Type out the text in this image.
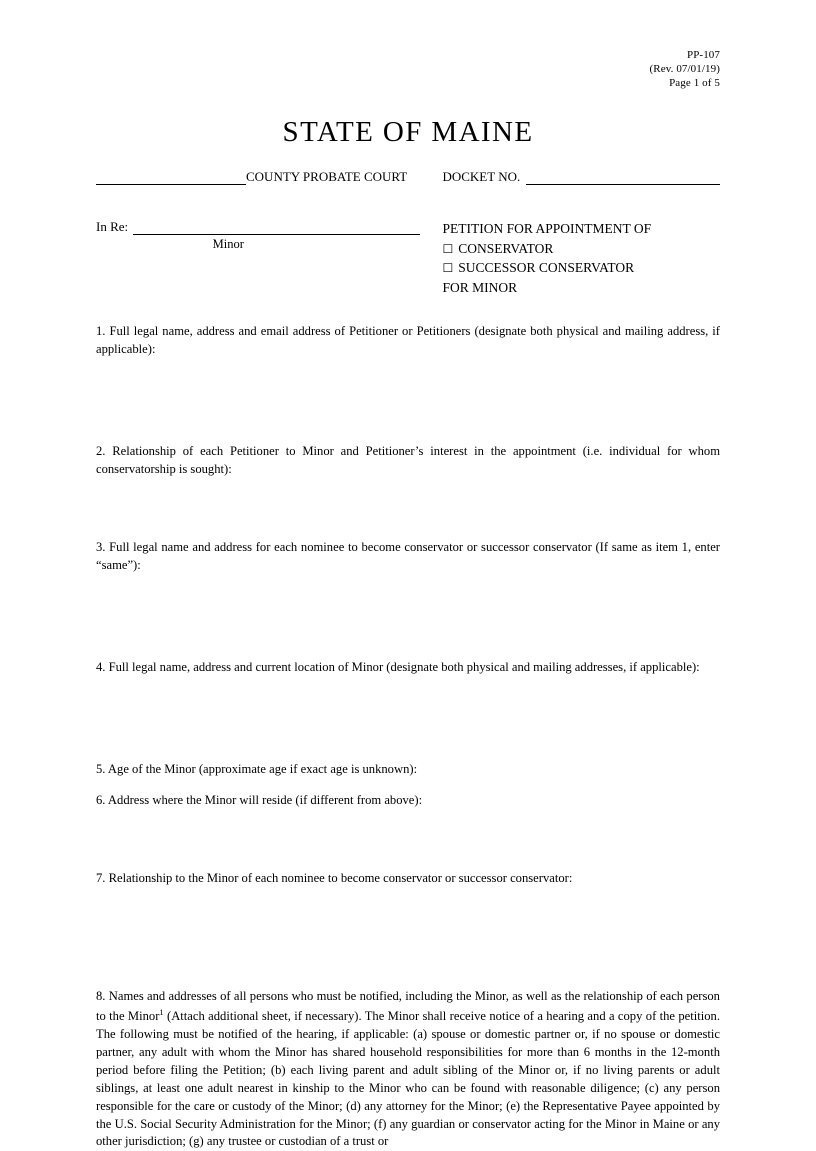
PP-107
(Rev. 07/01/19)
Page 1 of 5
STATE OF MAINE
COUNTY PROBATE COURT	DOCKET NO.
In Re:
Minor
PETITION FOR APPOINTMENT OF
☐ CONSERVATOR
☐ SUCCESSOR CONSERVATOR
FOR MINOR
1. Full legal name, address and email address of Petitioner or Petitioners (designate both physical and mailing address, if applicable):
2. Relationship of each Petitioner to Minor and Petitioner’s interest in the appointment (i.e. individual for whom conservatorship is sought):
3. Full legal name and address for each nominee to become conservator or successor conservator (If same as item 1, enter “same”):
4. Full legal name, address and current location of Minor (designate both physical and mailing addresses, if applicable):
5. Age of the Minor (approximate age if exact age is unknown):
6. Address where the Minor will reside (if different from above):
7. Relationship to the Minor of each nominee to become conservator or successor conservator:
8. Names and addresses of all persons who must be notified, including the Minor, as well as the relationship of each person to the Minor$^1$ (Attach additional sheet, if necessary). The Minor shall receive notice of a hearing and a copy of the petition. The following must be notified of the hearing, if applicable: (a) spouse or domestic partner or, if no spouse or domestic partner, any adult with whom the Minor has shared household responsibilities for more than 6 months in the 12-month period before filing the Petition; (b) each living parent and adult sibling of the Minor or, if no living parents or adult siblings, at least one adult nearest in kinship to the Minor who can be found with reasonable diligence; (c) any person responsible for the care or custody of the Minor; (d) any attorney for the Minor; (e) the Representative Payee appointed by the U.S. Social Security Administration for the Minor; (f) any guardian or conservator acting for the Minor in Maine or any other jurisdiction; (g) any trustee or custodian of a trust or
